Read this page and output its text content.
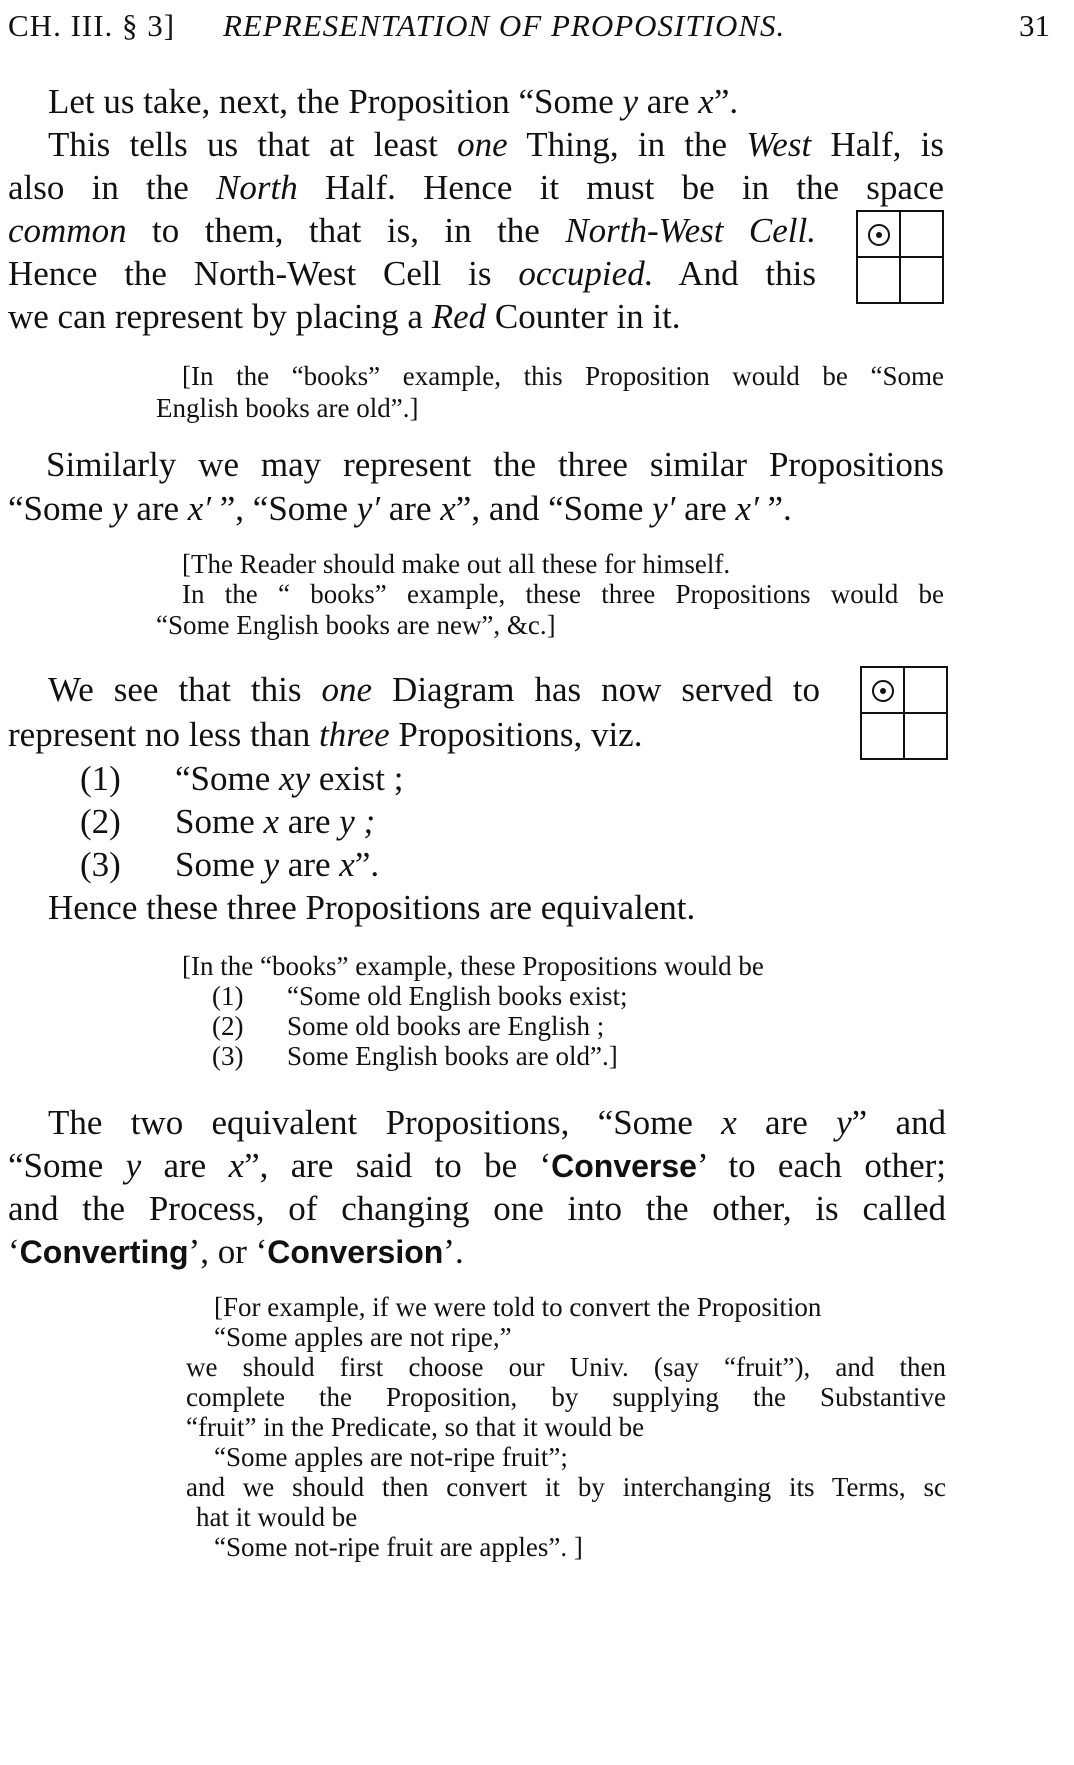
CH. III. § 3] REPRESENTATION OF PROPOSITIONS.	31
Let us take, next, the Proposition “Some y are x”.
This tells us that at least one Thing, in the West Half, is
also in the North Half. Hence it must be in the space
common to them, that is, in the North-West Cell.
Hence the North-West Cell is occupied. And this
we can represent by placing a Red Counter in it.
[In the “books” example, this Proposition would be “Some
English books are old”.]
Similarly we may represent the three similar Propositions
“Some y are x′ ”, “Some y′ are x”, and “Some y′ are x′ ”.
[The Reader should make out all these for himself.
In the “ books” example, these three Propositions would be
“Some English books are new”, &c.]
We see that this one Diagram has now served to
represent no less than three Propositions, viz.
(1) “Some xy exist ;
(2) Some x are y ;
(3) Some y are x”.
Hence these three Propositions are equivalent.
[In the “books” example, these Propositions would be
(1) “Some old English books exist;
(2) Some old books are English ;
(3) Some English books are old”.]
The two equivalent Propositions, “Some x are y” and
“Some y are x”, are said to be ‘Converse’ to each other;
and the Process, of changing one into the other, is called
‘Converting’, or ‘Conversion’.
[For example, if we were told to convert the Proposition
“Some apples are not ripe,”
we should first choose our Univ. (say “fruit”), and then
complete the Proposition, by supplying the Substantive
“fruit” in the Predicate, so that it would be
“Some apples are not-ripe fruit”;
and we should then convert it by interchanging its Terms, sc
hat it would be
“Some not-ripe fruit are apples”. ]
